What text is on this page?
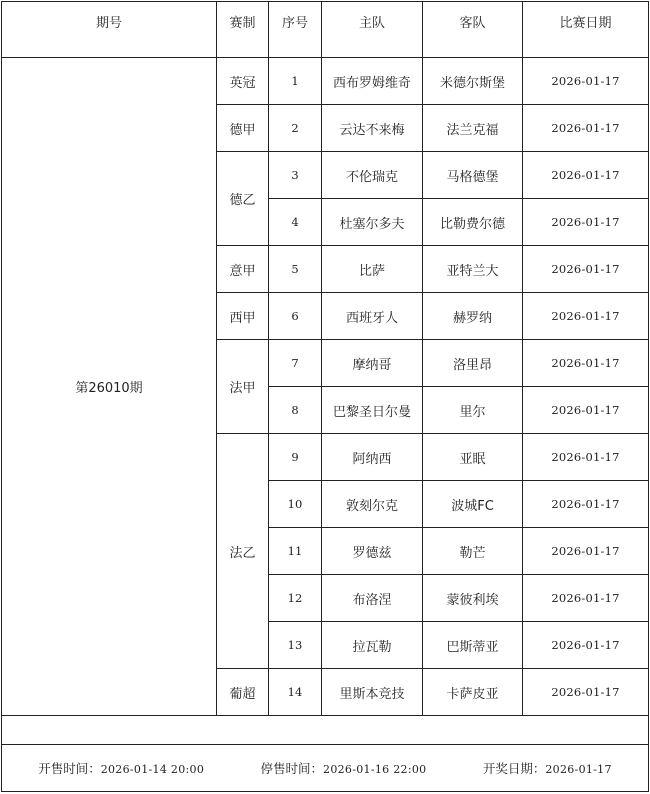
期号	赛制	序号	主队	客队	比赛日期
第26010期	英冠	1	西布罗姆维奇	米德尔斯堡	2026-01-17
	德甲	2	云达不来梅	法兰克福	2026-01-17
	德乙	3	不伦瑞克	马格德堡	2026-01-17
		4	杜塞尔多夫	比勒费尔德	2026-01-17
	意甲	5	比萨	亚特兰大	2026-01-17
	西甲	6	西班牙人	赫罗纳	2026-01-17
	法甲	7	摩纳哥	洛里昂	2026-01-17
		8	巴黎圣日尔曼	里尔	2026-01-17
	法乙	9	阿纳西	亚眠	2026-01-17
		10	敦刻尔克	波城FC	2026-01-17
		11	罗德兹	勒芒	2026-01-17
		12	布洛涅	蒙彼利埃	2026-01-17
		13	拉瓦勒	巴斯蒂亚	2026-01-17
	葡超	14	里斯本竞技	卡萨皮亚	2026-01-17

开售时间：2026-01-14 20:00 停售时间：2026-01-16 22:00 开奖日期：2026-01-17					
